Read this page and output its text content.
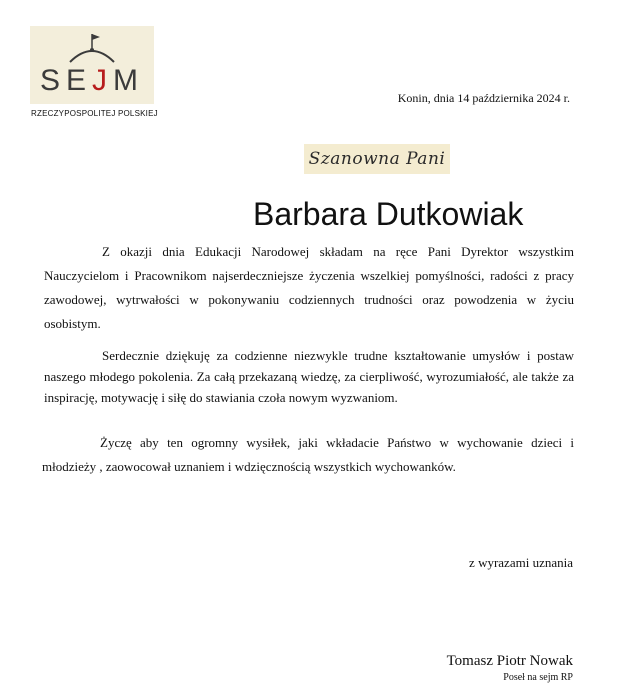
SEJM
RZECZYPOSPOLITEJ POLSKIEJ
Konin, dnia 14 października 2024 r.
Szanowna Pani
Barbara Dutkowiak

Z okazji dnia Edukacji Narodowej składam na ręce Pani Dyrektor wszystkim Nauczycielom i Pracownikom najserdeczniejsze życzenia wszelkiej pomyślności, radości z pracy zawodowej, wytrwałości w pokonywaniu codziennych trudności oraz powodzenia w życiu osobistym.

Serdecznie dziękuję za codzienne niezwykle trudne kształtowanie umysłów i postaw naszego młodego pokolenia. Za całą przekazaną wiedzę, za cierpliwość, wyrozumiałość, ale także za inspirację, motywację i siłę do stawiania czoła nowym wyzwaniom.

Życzę aby ten ogromny wysiłek, jaki wkładacie Państwo w wychowanie dzieci i młodzieży , zaowocował uznaniem i wdzięcznością wszystkich wychowanków.

z wyrazami uznania
Tomasz Piotr Nowak
Poseł na sejm RP
